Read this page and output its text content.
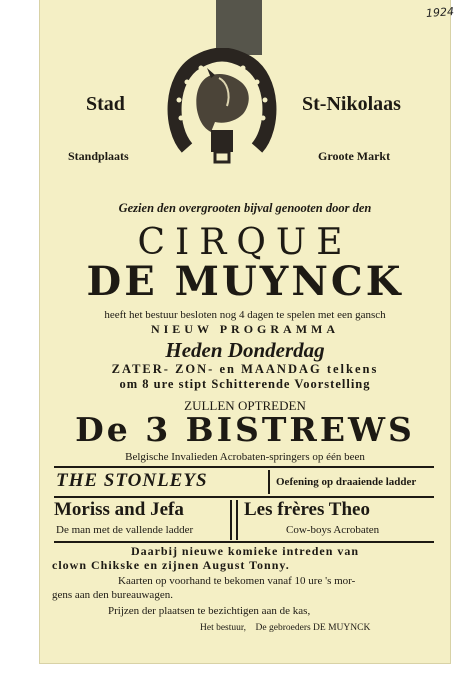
1924
Stad	St-Nikolaas
Standplaats	Groote Markt
Gezien den overgrooten bijval genooten door den
CIRQUE
DE MUYNCK
heeft het bestuur besloten nog 4 dagen te spelen met een gansch
NIEUW PROGRAMMA
Heden Donderdag
ZATER- ZON- en MAANDAG telkens
om 8 ure stipt Schitterende Voorstelling
ZULLEN OPTREDEN
De 3 BISTREWS
Belgische Invalieden Acrobaten-springers op één been
THE STONLEYS	Oefening op draaiende ladder
Moriss and Jefa
De man met de vallende ladder
Les frères Theo
Cow-boys Acrobaten
Daarbij nieuwe komieke intreden van
clown Chikske en zijnen August Tonny.
Kaarten op voorhand te bekomen vanaf 10 ure 's mor-
gens aan den bureauwagen.
Prijzen der plaatsen te bezichtigen aan de kas,
Het bestuur,    De gebroeders DE MUYNCK
